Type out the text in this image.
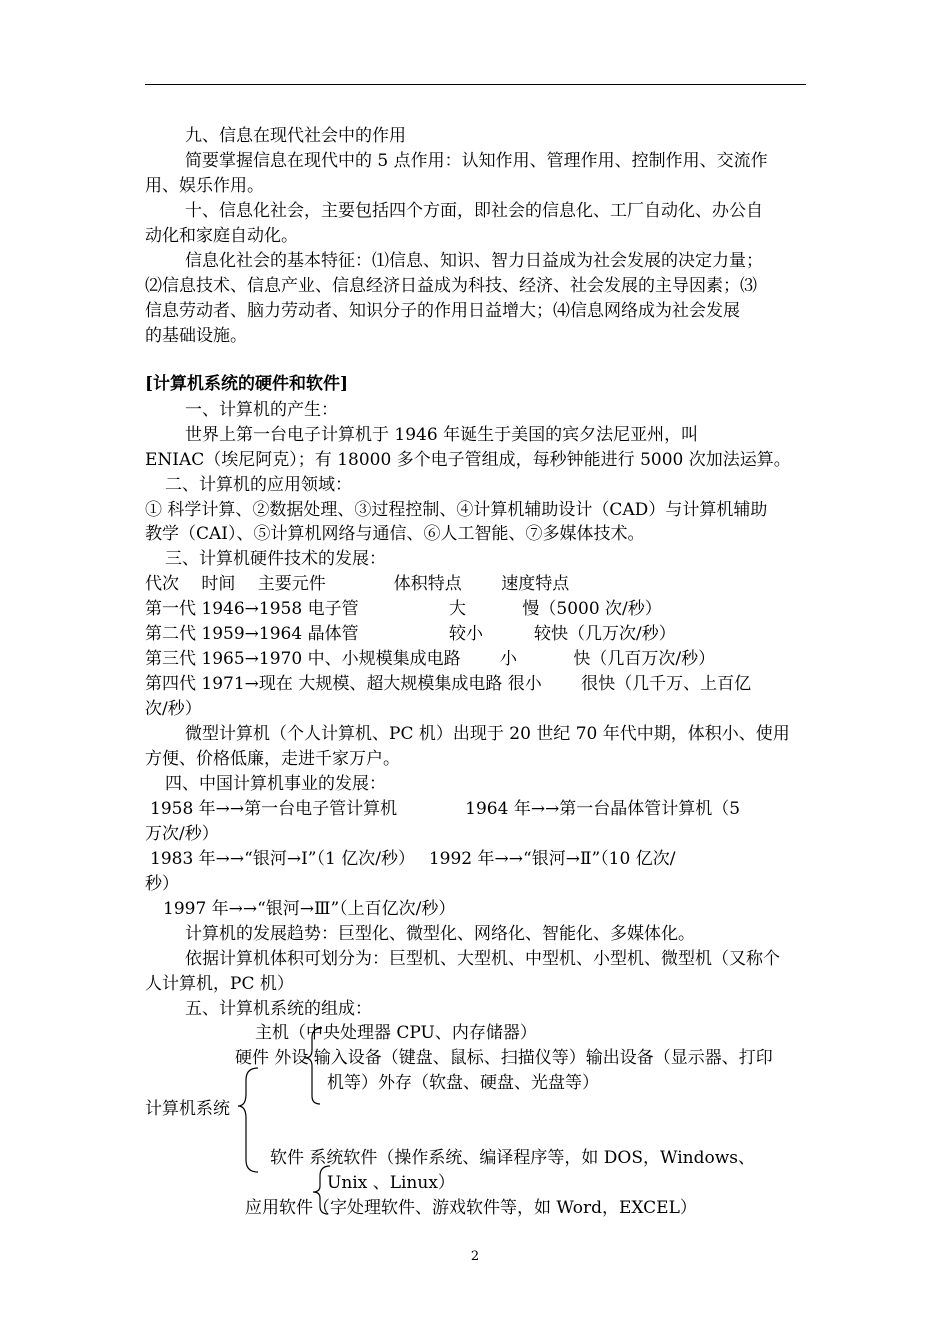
九、信息在现代社会中的作用
简要掌握信息在现代中的 5 点作用：认知作用、管理作用、控制作用、交流作
用、娱乐作用。
十、信息化社会，主要包括四个方面，即社会的信息化、工厂自动化、办公自
动化和家庭自动化。
信息化社会的基本特征：⑴信息、知识、智力日益成为社会发展的决定力量；
⑵信息技术、信息产业、信息经济日益成为科技、经济、社会发展的主导因素；⑶
信息劳动者、脑力劳动者、知识分子的作用日益增大；⑷信息网络成为社会发展
的基础设施。
[计算机系统的硬件和软件]
一、计算机的产生：
世界上第一台电子计算机于 1946 年诞生于美国的宾夕法尼亚州，叫
ENIAC（埃尼阿克）；有 18000 多个电子管组成，每秒钟能进行 5000 次加法运算。
二、计算机的应用领域：
① 科学计算、②数据处理、③过程控制、④计算机辅助设计（CAD）与计算机辅助
教学（CAI）、⑤计算机网络与通信、⑥人工智能、⑦多媒体技术。
三、计算机硬件技术的发展：
代次　 时间　 主要元件　　　　体积特点　　 速度特点
第一代 1946→1958 电子管　　　　　 大　　　 慢（5000 次/秒）
第二代 1959→1964 晶体管　　　　　 较小　　　较快（几万次/秒）
第三代 1965→1970 中、小规模集成电路　　 小　　　 快（几百万次/秒）
第四代 1971→现在 大规模、超大规模集成电路 很小　　 很快（几千万、上百亿
次/秒）
微型计算机（个人计算机、PC 机）出现于 20 世纪 70 年代中期，体积小、使用
方便、价格低廉，走进千家万户。
四、中国计算机事业的发展：
1958 年→→第一台电子管计算机　　　　1964 年→→第一台晶体管计算机（5
万次/秒）
1983 年→→“银河→Ⅰ”（1 亿次/秒）　 1992 年→→“银河→Ⅱ”（10 亿次/
秒）
1997 年→→“银河→Ⅲ”（上百亿次/秒）
计算机的发展趋势：巨型化、微型化、网络化、智能化、多媒体化。
依据计算机体积可划分为：巨型机、大型机、中型机、小型机、微型机（又称个
人计算机，PC 机）
五、计算机系统的组成：
主机（中央处理器 CPU、内存储器）
硬件 外设 输入设备（键盘、鼠标、扫描仪等）输出设备（显示器、打印
机等）外存（软盘、硬盘、光盘等）
计算机系统
软件 系统软件（操作系统、编译程序等，如 DOS，Windows、
Unix 、Linux）
应用软件（字处理软件、游戏软件等，如 Word，EXCEL）
2
